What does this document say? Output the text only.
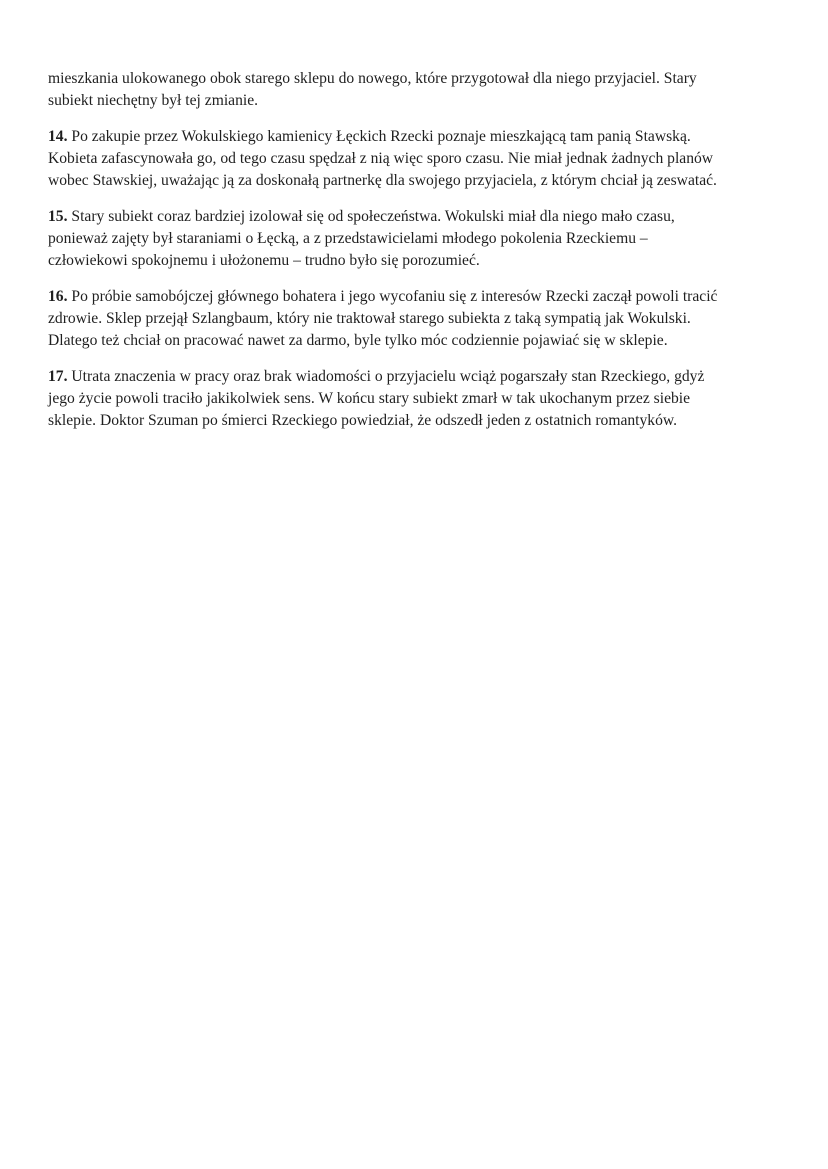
mieszkania ulokowanego obok starego sklepu do nowego, które przygotował dla niego przyjaciel. Stary
subiekt niechętny był tej zmianie.

14. Po zakupie przez Wokulskiego kamienicy Łęckich Rzecki poznaje mieszkającą tam panią Stawską.
Kobieta zafascynowała go, od tego czasu spędzał z nią więc sporo czasu. Nie miał jednak żadnych planów
wobec Stawskiej, uważając ją za doskonałą partnerkę dla swojego przyjaciela, z którym chciał ją zeswatać.

15. Stary subiekt coraz bardziej izolował się od społeczeństwa. Wokulski miał dla niego mało czasu,
ponieważ zajęty był staraniami o Łęcką, a z przedstawicielami młodego pokolenia Rzeckiemu –
człowiekowi spokojnemu i ułożonemu – trudno było się porozumieć.

16. Po próbie samobójczej głównego bohatera i jego wycofaniu się z interesów Rzecki zaczął powoli tracić
zdrowie. Sklep przejął Szlangbaum, który nie traktował starego subiekta z taką sympatią jak Wokulski.
Dlatego też chciał on pracować nawet za darmo, byle tylko móc codziennie pojawiać się w sklepie.

17. Utrata znaczenia w pracy oraz brak wiadomości o przyjacielu wciąż pogarszały stan Rzeckiego, gdyż
jego życie powoli traciło jakikolwiek sens. W końcu stary subiekt zmarł w tak ukochanym przez siebie
sklepie. Doktor Szuman po śmierci Rzeckiego powiedział, że odszedł jeden z ostatnich romantyków.
